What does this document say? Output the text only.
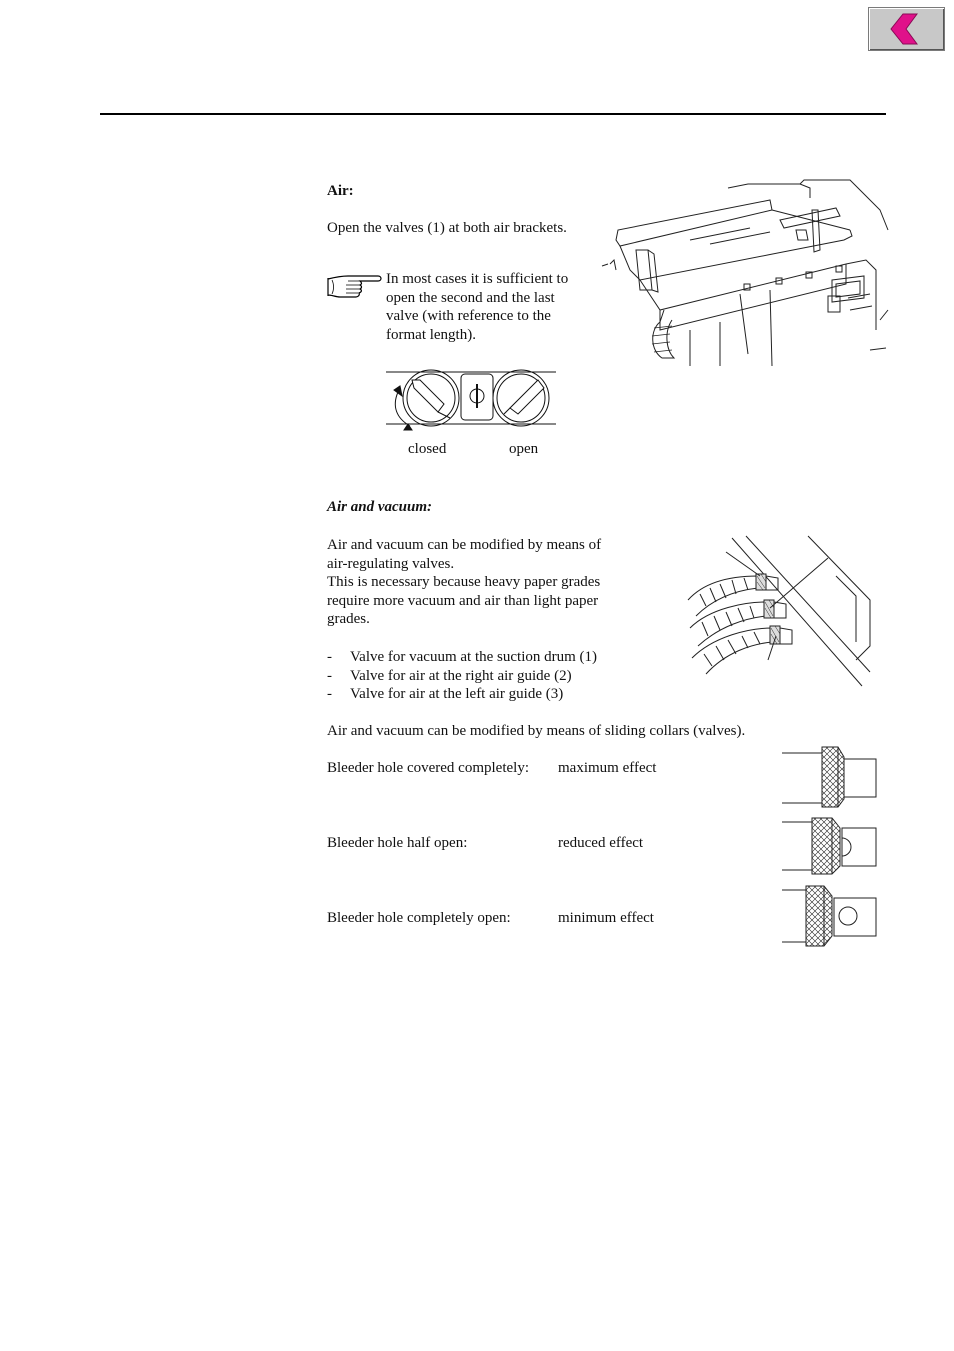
Air:
Open the valves (1) at both air brackets.
In most cases it is sufficient to
open the second and the last
valve (with reference to the
format length).
closed	open
Air and vacuum:
Air and vacuum can be modified by means of
air-regulating valves.
This is necessary because heavy paper grades
require more vacuum and air than light paper
grades.
- Valve for vacuum at the suction drum (1)
- Valve for air at the right air guide (2)
- Valve for air at the left air guide (3)
Air and vacuum can be modified by means of sliding collars (valves).
Bleeder hole covered completely: maximum effect
Bleeder hole half open:	reduced effect
Bleeder hole completely open:	minimum effect
